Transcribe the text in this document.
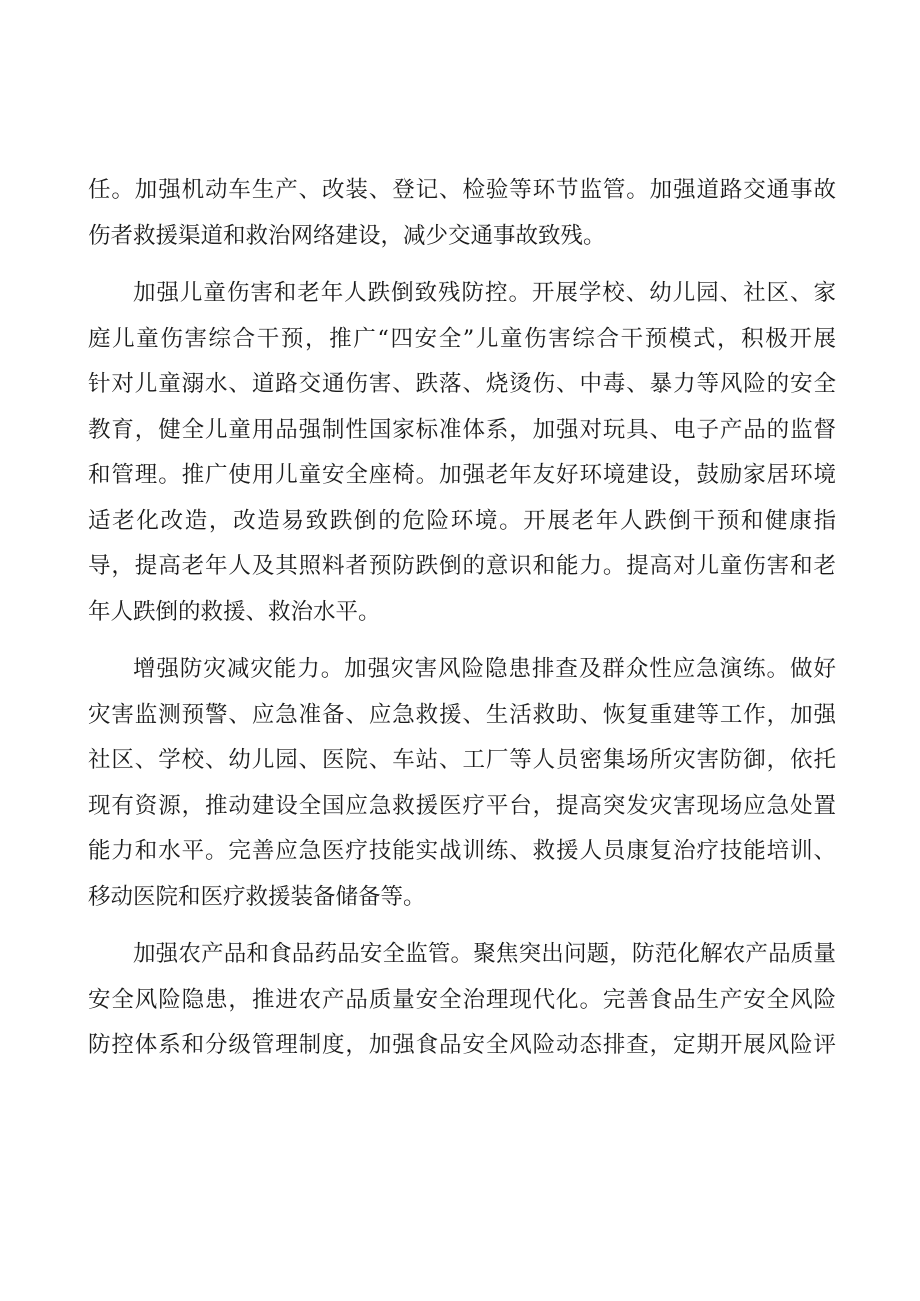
任。加强机动车生产、改装、登记、检验等环节监管。加强道路交通事故
伤者救援渠道和救治网络建设，减少交通事故致残。
加强儿童伤害和老年人跌倒致残防控。开展学校、幼儿园、社区、家
庭儿童伤害综合干预，推广“四安全”儿童伤害综合干预模式，积极开展
针对儿童溺水、道路交通伤害、跌落、烧烫伤、中毒、暴力等风险的安全
教育，健全儿童用品强制性国家标准体系，加强对玩具、电子产品的监督
和管理。推广使用儿童安全座椅。加强老年友好环境建设，鼓励家居环境
适老化改造，改造易致跌倒的危险环境。开展老年人跌倒干预和健康指
导，提高老年人及其照料者预防跌倒的意识和能力。提高对儿童伤害和老
年人跌倒的救援、救治水平。
增强防灾减灾能力。加强灾害风险隐患排查及群众性应急演练。做好
灾害监测预警、应急准备、应急救援、生活救助、恢复重建等工作，加强
社区、学校、幼儿园、医院、车站、工厂等人员密集场所灾害防御，依托
现有资源，推动建设全国应急救援医疗平台，提高突发灾害现场应急处置
能力和水平。完善应急医疗技能实战训练、救援人员康复治疗技能培训、
移动医院和医疗救援装备储备等。
加强农产品和食品药品安全监管。聚焦突出问题，防范化解农产品质量
安全风险隐患，推进农产品质量安全治理现代化。完善食品生产安全风险
防控体系和分级管理制度，加强食品安全风险动态排查，定期开展风险评
